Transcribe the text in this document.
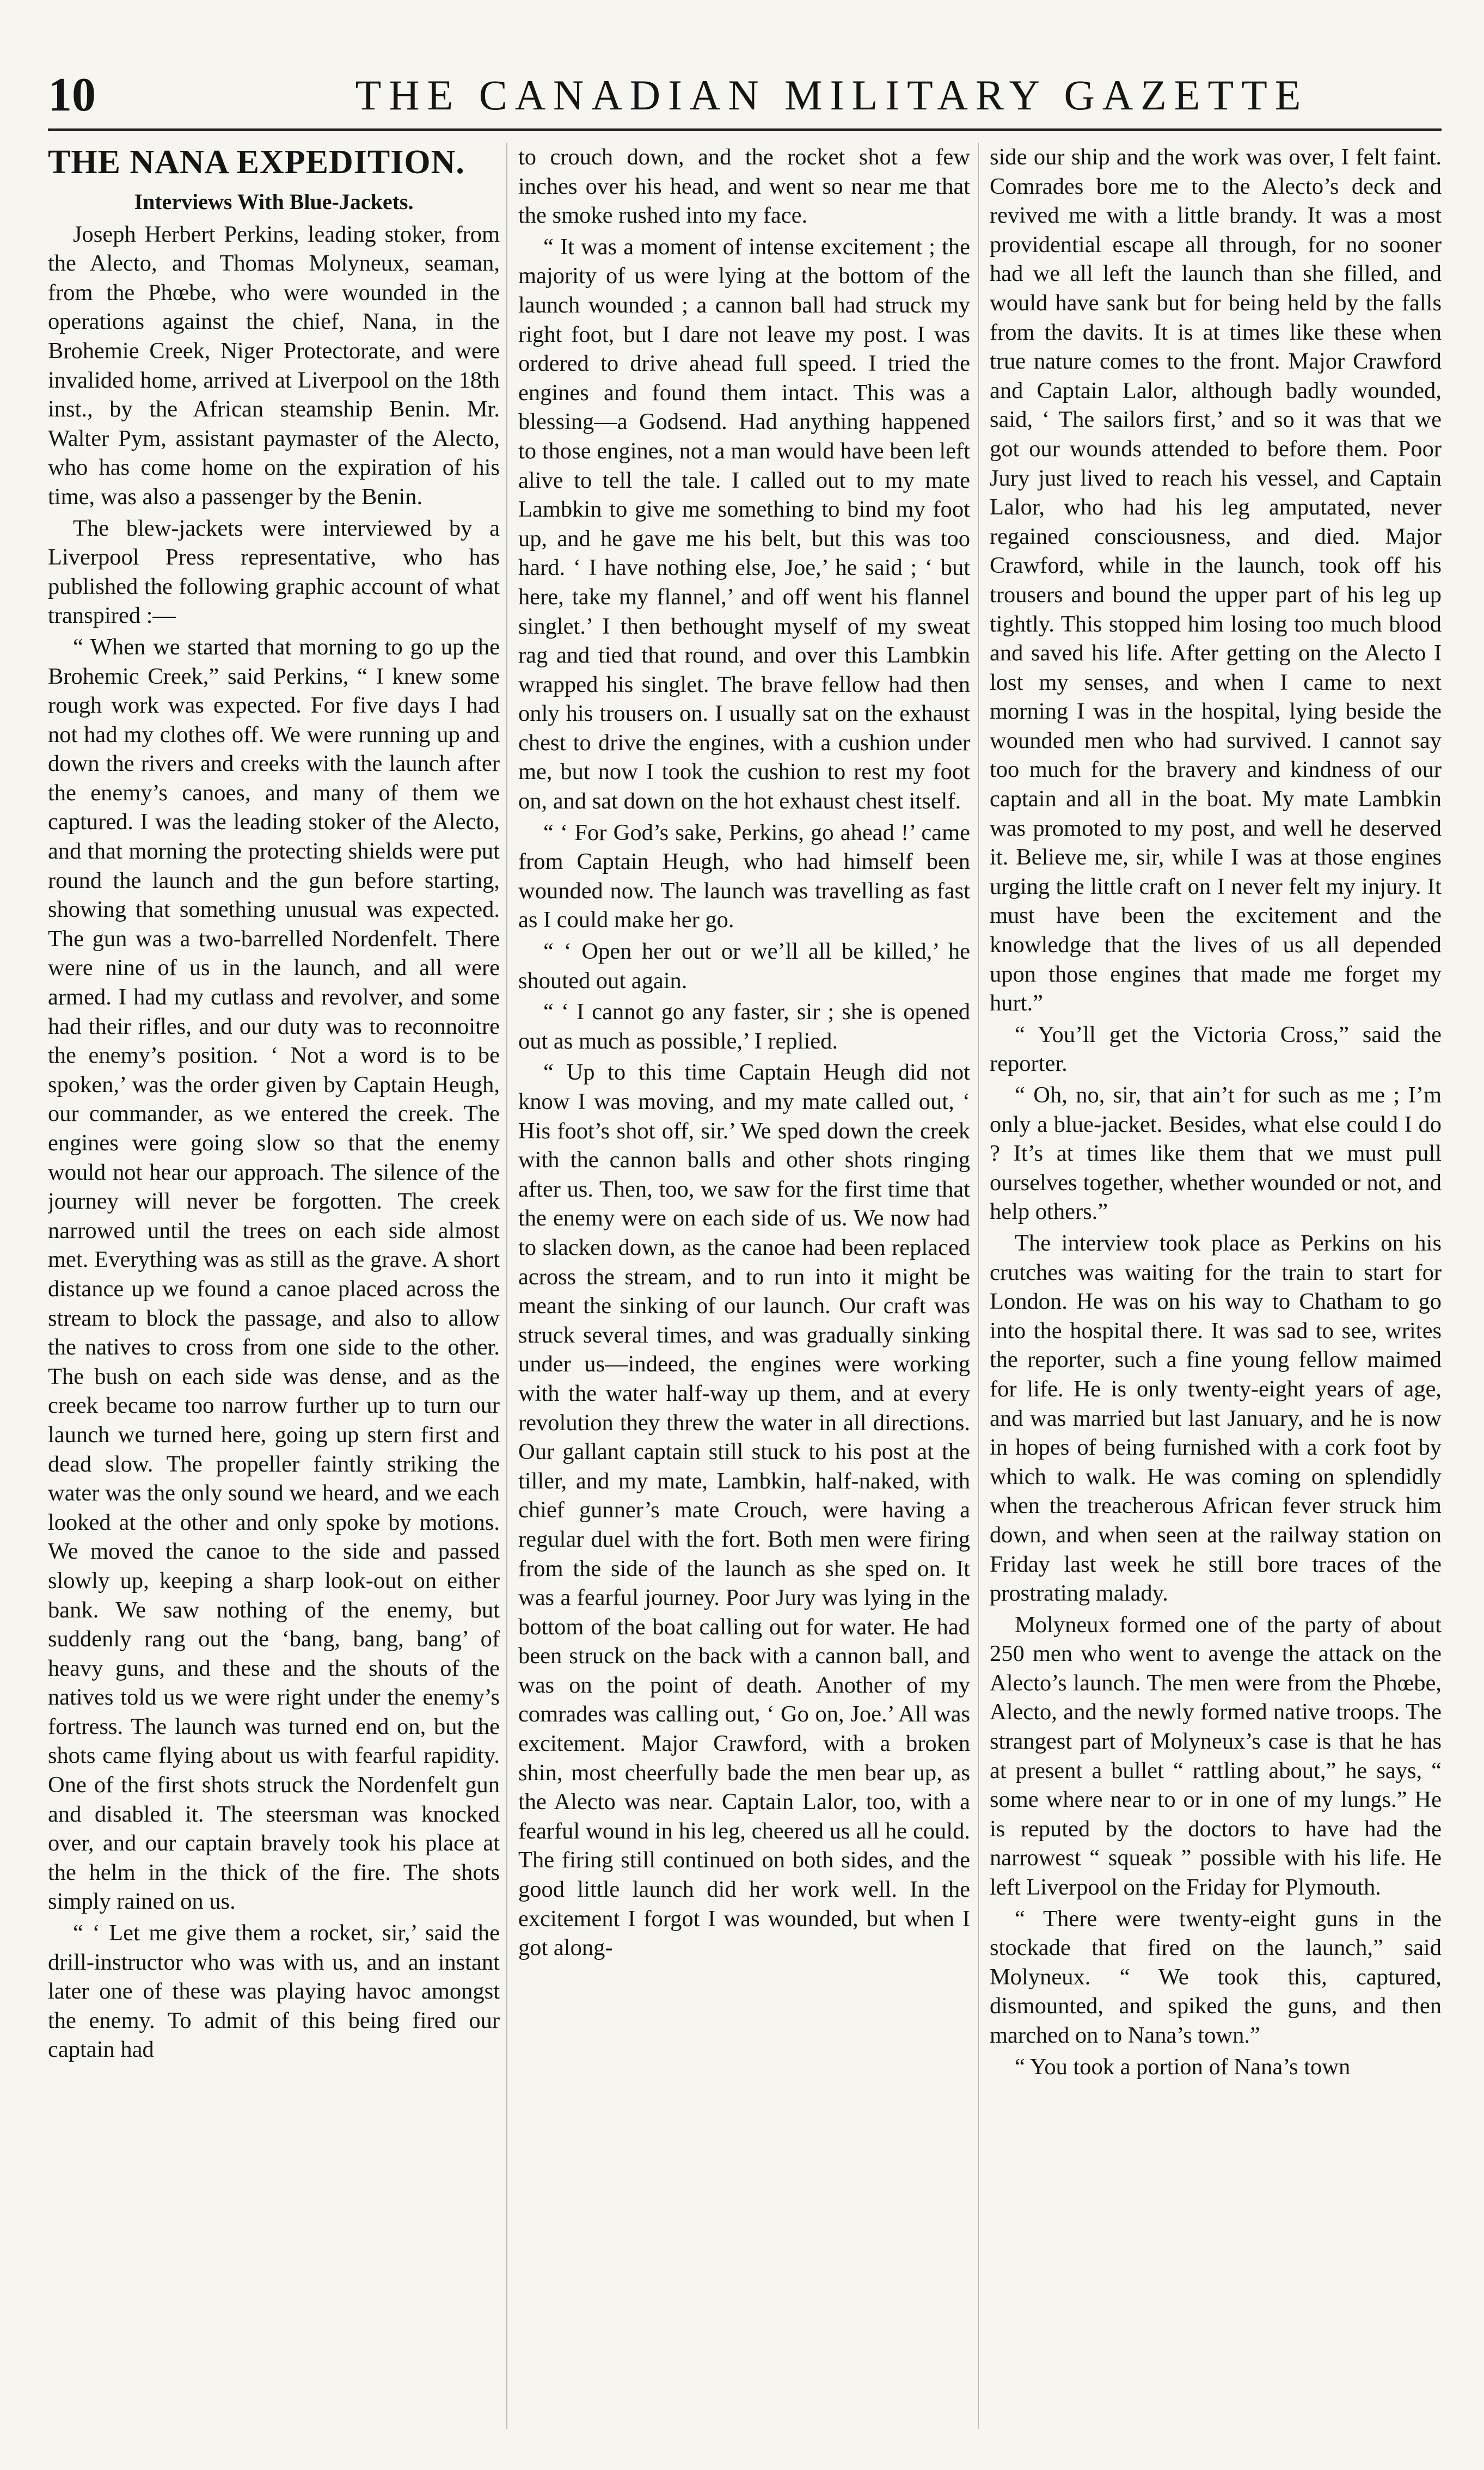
10	THE CANADIAN MILITARY GAZETTE
THE NANA EXPEDITION.
Interviews With Blue-Jackets.

Joseph Herbert Perkins, leading stoker, from the Alecto, and Thomas Molyneux, seaman, from the Phœbe, who were wounded in the operations against the chief, Nana, in the Brohemie Creek, Niger Protectorate, and were invalided home, arrived at Liverpool on the 18th inst., by the African steamship Benin. Mr. Walter Pym, assistant paymaster of the Alecto, who has come home on the expiration of his time, was also a passenger by the Benin.

The blew-jackets were interviewed by a Liverpool Press representative, who has published the following graphic account of what transpired :—

“ When we started that morning to go up the Brohemic Creek,” said Perkins, “ I knew some rough work was expected. For five days I had not had my clothes off. We were running up and down the rivers and creeks with the launch after the enemy’s canoes, and many of them we captured. I was the leading stoker of the Alecto, and that morning the protecting shields were put round the launch and the gun before starting, showing that something unusual was expected. The gun was a two-barrelled Nordenfelt. There were nine of us in the launch, and all were armed. I had my cutlass and revolver, and some had their rifles, and our duty was to reconnoitre the enemy’s position. ‘ Not a word is to be spoken,’ was the order given by Captain Heugh, our commander, as we entered the creek. The engines were going slow so that the enemy would not hear our approach. The silence of the journey will never be forgotten. The creek narrowed until the trees on each side almost met. Everything was as still as the grave. A short distance up we found a canoe placed across the stream to block the passage, and also to allow the natives to cross from one side to the other. The bush on each side was dense, and as the creek became too narrow further up to turn our launch we turned here, going up stern first and dead slow. The propeller faintly striking the water was the only sound we heard, and we each looked at the other and only spoke by motions. We moved the canoe to the side and passed slowly up, keeping a sharp look-out on either bank. We saw nothing of the enemy, but suddenly rang out the ‘bang, bang, bang’ of heavy guns, and these and the shouts of the natives told us we were right under the enemy’s fortress. The launch was turned end on, but the shots came flying about us with fearful rapidity. One of the first shots struck the Nordenfelt gun and disabled it. The steersman was knocked over, and our captain bravely took his place at the helm in the thick of the fire. The shots simply rained on us.

“ ‘ Let me give them a rocket, sir,’ said the drill-instructor who was with us, and an instant later one of these was playing havoc amongst the enemy. To admit of this being fired our captain had

to crouch down, and the rocket shot a few inches over his head, and went so near me that the smoke rushed into my face.

“ It was a moment of intense excitement ; the majority of us were lying at the bottom of the launch wounded ; a cannon ball had struck my right foot, but I dare not leave my post. I was ordered to drive ahead full speed. I tried the engines and found them intact. This was a blessing—a Godsend. Had anything happened to those engines, not a man would have been left alive to tell the tale. I called out to my mate Lambkin to give me something to bind my foot up, and he gave me his belt, but this was too hard. ‘ I have nothing else, Joe,’ he said ; ‘ but here, take my flannel,’ and off went his flannel singlet.’ I then bethought myself of my sweat rag and tied that round, and over this Lambkin wrapped his singlet. The brave fellow had then only his trousers on. I usually sat on the exhaust chest to drive the engines, with a cushion under me, but now I took the cushion to rest my foot on, and sat down on the hot exhaust chest itself.

“ ‘ For God’s sake, Perkins, go ahead !’ came from Captain Heugh, who had himself been wounded now. The launch was travelling as fast as I could make her go.

“ ‘ Open her out or we’ll all be killed,’ he shouted out again.

“ ‘ I cannot go any faster, sir ; she is opened out as much as possible,’ I replied.

“ Up to this time Captain Heugh did not know I was moving, and my mate called out, ‘ His foot’s shot off, sir.’ We sped down the creek with the cannon balls and other shots ringing after us. Then, too, we saw for the first time that the enemy were on each side of us. We now had to slacken down, as the canoe had been replaced across the stream, and to run into it might be meant the sinking of our launch. Our craft was struck several times, and was gradually sinking under us—indeed, the engines were working with the water half-way up them, and at every revolution they threw the water in all directions. Our gallant captain still stuck to his post at the tiller, and my mate, Lambkin, half-naked, with chief gunner’s mate Crouch, were having a regular duel with the fort. Both men were firing from the side of the launch as she sped on. It was a fearful journey. Poor Jury was lying in the bottom of the boat calling out for water. He had been struck on the back with a cannon ball, and was on the point of death. Another of my comrades was calling out, ‘ Go on, Joe.’ All was excitement. Major Crawford, with a broken shin, most cheerfully bade the men bear up, as the Alecto was near. Captain Lalor, too, with a fearful wound in his leg, cheered us all he could. The firing still continued on both sides, and the good little launch did her work well. In the excitement I forgot I was wounded, but when I got along-

side our ship and the work was over, I felt faint. Comrades bore me to the Alecto’s deck and revived me with a little brandy. It was a most providential escape all through, for no sooner had we all left the launch than she filled, and would have sank but for being held by the falls from the davits. It is at times like these when true nature comes to the front. Major Crawford and Captain Lalor, although badly wounded, said, ‘ The sailors first,’ and so it was that we got our wounds attended to before them. Poor Jury just lived to reach his vessel, and Captain Lalor, who had his leg amputated, never regained consciousness, and died. Major Crawford, while in the launch, took off his trousers and bound the upper part of his leg up tightly. This stopped him losing too much blood and saved his life. After getting on the Alecto I lost my senses, and when I came to next morning I was in the hospital, lying beside the wounded men who had survived. I cannot say too much for the bravery and kindness of our captain and all in the boat. My mate Lambkin was promoted to my post, and well he deserved it. Believe me, sir, while I was at those engines urging the little craft on I never felt my injury. It must have been the excitement and the knowledge that the lives of us all depended upon those engines that made me forget my hurt.”

“ You’ll get the Victoria Cross,” said the reporter.

“ Oh, no, sir, that ain’t for such as me ; I’m only a blue-jacket. Besides, what else could I do ? It’s at times like them that we must pull ourselves together, whether wounded or not, and help others.”

The interview took place as Perkins on his crutches was waiting for the train to start for London. He was on his way to Chatham to go into the hospital there. It was sad to see, writes the reporter, such a fine young fellow maimed for life. He is only twenty-eight years of age, and was married but last January, and he is now in hopes of being furnished with a cork foot by which to walk. He was coming on splendidly when the treacherous African fever struck him down, and when seen at the railway station on Friday last week he still bore traces of the prostrating malady.

Molyneux formed one of the party of about 250 men who went to avenge the attack on the Alecto’s launch. The men were from the Phœbe, Alecto, and the newly formed native troops. The strangest part of Molyneux’s case is that he has at present a bullet “ rattling about,” he says, “ some where near to or in one of my lungs.” He is reputed by the doctors to have had the narrowest “ squeak ” possible with his life. He left Liverpool on the Friday for Plymouth.

“ There were twenty-eight guns in the stockade that fired on the launch,” said Molyneux. “ We took this, captured, dismounted, and spiked the guns, and then marched on to Nana’s town.”

“ You took a portion of Nana’s town
